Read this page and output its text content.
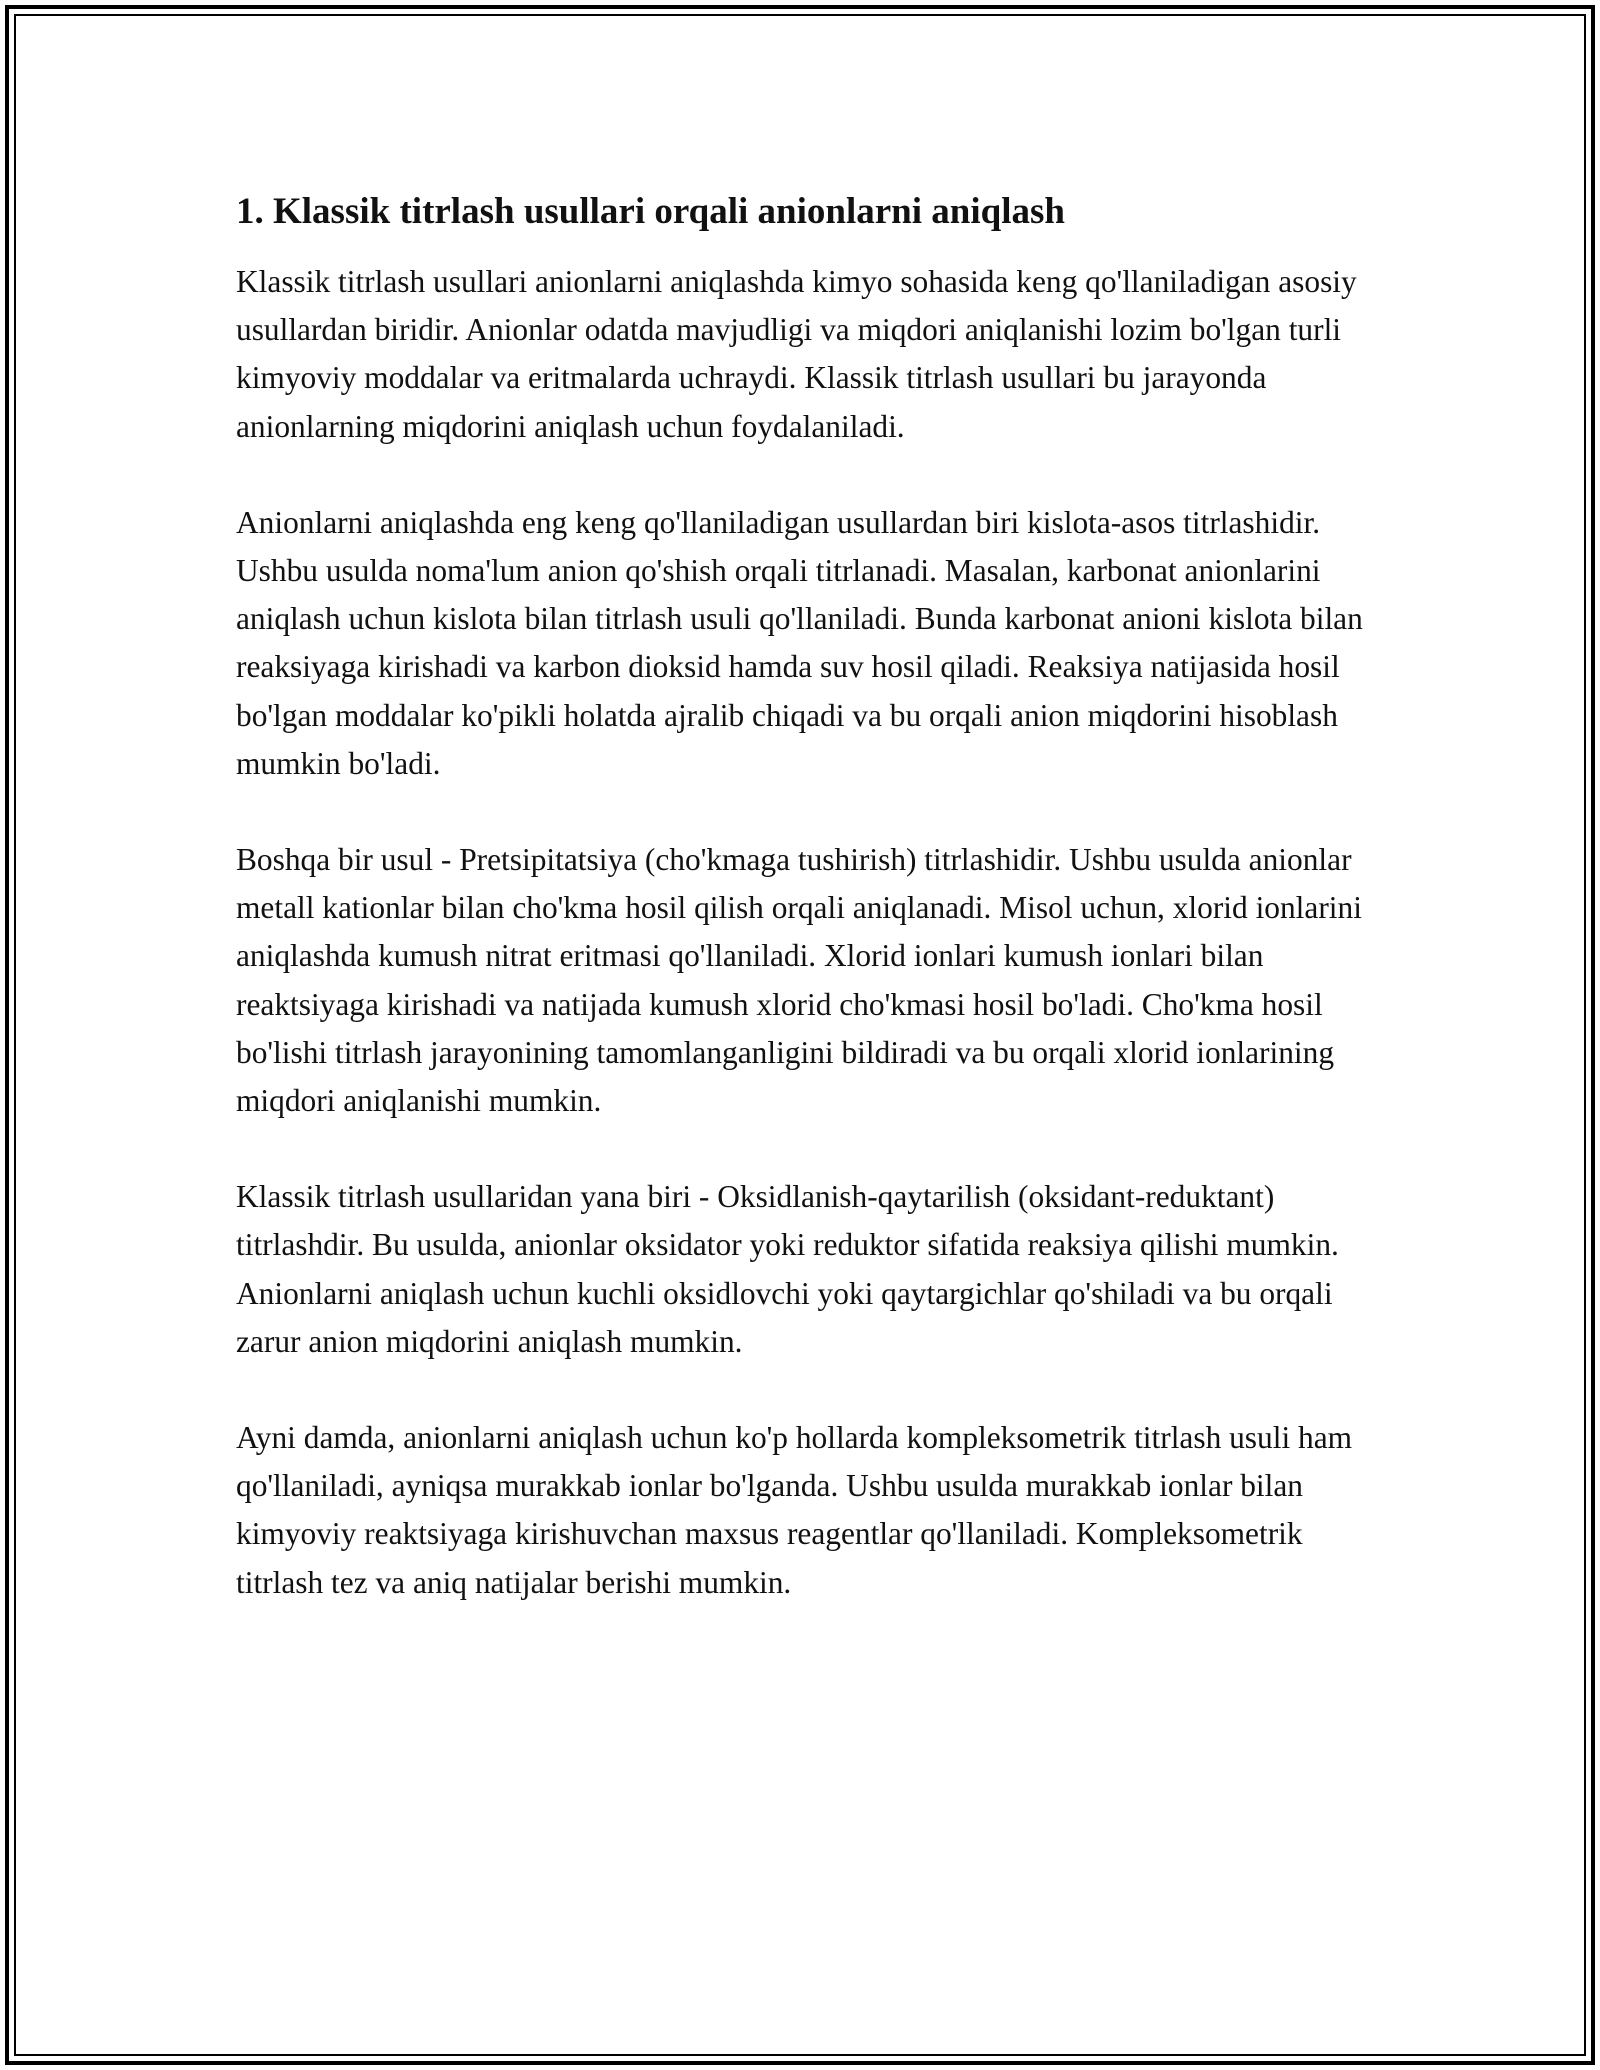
1. Klassik titrlash usullari orqali anionlarni aniqlash

Klassik titrlash usullari anionlarni aniqlashda kimyo sohasida keng qo'llaniladigan asosiy usullardan biridir. Anionlar odatda mavjudligi va miqdori aniqlanishi lozim bo'lgan turli kimyoviy moddalar va eritmalarda uchraydi. Klassik titrlash usullari bu jarayonda anionlarning miqdorini aniqlash uchun foydalaniladi.

Anionlarni aniqlashda eng keng qo'llaniladigan usullardan biri kislota-asos titrlashidir. Ushbu usulda noma'lum anion qo'shish orqali titrlanadi. Masalan, karbonat anionlarini aniqlash uchun kislota bilan titrlash usuli qo'llaniladi. Bunda karbonat anioni kislota bilan reaksiyaga kirishadi va karbon dioksid hamda suv hosil qiladi. Reaksiya natijasida hosil bo'lgan moddalar ko'pikli holatda ajralib chiqadi va bu orqali anion miqdorini hisoblash mumkin bo'ladi.

Boshqa bir usul - Pretsipitatsiya (cho'kmaga tushirish) titrlashidir. Ushbu usulda anionlar metall kationlar bilan cho'kma hosil qilish orqali aniqlanadi. Misol uchun, xlorid ionlarini aniqlashda kumush nitrat eritmasi qo'llaniladi. Xlorid ionlari kumush ionlari bilan reaktsiyaga kirishadi va natijada kumush xlorid cho'kmasi hosil bo'ladi. Cho'kma hosil bo'lishi titrlash jarayonining tamomlanganligini bildiradi va bu orqali xlorid ionlarining miqdori aniqlanishi mumkin.

Klassik titrlash usullaridan yana biri - Oksidlanish-qaytarilish (oksidant-reduktant) titrlashdir. Bu usulda, anionlar oksidator yoki reduktor sifatida reaksiya qilishi mumkin. Anionlarni aniqlash uchun kuchli oksidlovchi yoki qaytargichlar qo'shiladi va bu orqali zarur anion miqdorini aniqlash mumkin.

Ayni damda, anionlarni aniqlash uchun ko'p hollarda kompleksometrik titrlash usuli ham qo'llaniladi, ayniqsa murakkab ionlar bo'lganda. Ushbu usulda murakkab ionlar bilan kimyoviy reaktsiyaga kirishuvchan maxsus reagentlar qo'llaniladi. Kompleksometrik titrlash tez va aniq natijalar berishi mumkin.
